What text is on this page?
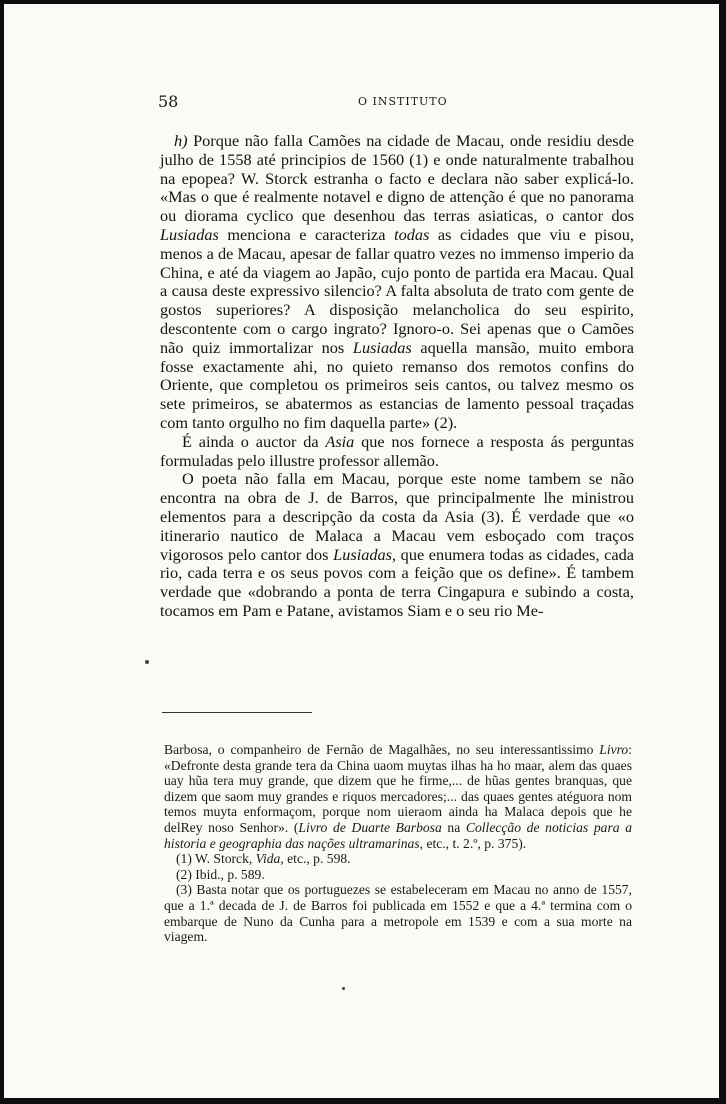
58	O INSTITUTO

h) Porque não falla Camões na cidade de Macau, onde residiu desde julho de 1558 até principios de 1560 (1) e onde naturalmente trabalhou na epopea? W. Storck estranha o facto e declara não saber explicá-lo. «Mas o que é realmente notavel e digno de attenção é que no panorama ou diorama cyclico que desenhou das terras asiaticas, o cantor dos Lusiadas menciona e caracteriza todas as cidades que viu e pisou, menos a de Macau, apesar de fallar quatro vezes no immenso imperio da China, e até da viagem ao Japão, cujo ponto de partida era Macau. Qual a causa deste expressivo silencio? A falta absoluta de trato com gente de gostos superiores? A disposição melancholica do seu espirito, descontente com o cargo ingrato? Ignoro-o. Sei apenas que o Camões não quiz immortalizar nos Lusiadas aquella mansão, muito embora fosse exactamente ahi, no quieto remanso dos remotos confins do Oriente, que completou os primeiros seis cantos, ou talvez mesmo os sete primeiros, se abatermos as estancias de lamento pessoal traçadas com tanto orgulho no fim daquella parte» (2).

É ainda o auctor da Asia que nos fornece a resposta ás perguntas formuladas pelo illustre professor allemão.

O poeta não falla em Macau, porque este nome tambem se não encontra na obra de J. de Barros, que principalmente lhe ministrou elementos para a descripção da costa da Asia (3). É verdade que «o itinerario nautico de Malaca a Macau vem esboçado com traços vigorosos pelo cantor dos Lusiadas, que enumera todas as cidades, cada rio, cada terra e os seus povos com a feição que os define». É tambem verdade que «dobrando a ponta de terra Cingapura e subindo a costa, tocamos em Pam e Patane, avistamos Siam e o seu rio Me-

Barbosa, o companheiro de Fernão de Magalhães, no seu interessantissimo Livro: «Defronte desta grande tera da China uaom muytas ilhas ha ho maar, alem das quaes uay hũa tera muy grande, que dizem que he firme,... de hũas gentes branquas, que dizem que saom muy grandes e riquos mercadores;... das quaes gentes atéguora nom temos muyta enformaçom, porque nom uieraom ainda ha Malaca depois que he delRey noso Senhor». (Livro de Duarte Barbosa na Collecção de noticias para a historia e geographia das nações ultramarinas, etc., t. 2.º, p. 375).

(1) W. Storck, Vida, etc., p. 598.

(2) Ibid., p. 589.

(3) Basta notar que os portuguezes se estabeleceram em Macau no anno de 1557, que a 1.ª decada de J. de Barros foi publicada em 1552 e que a 4.ª termina com o embarque de Nuno da Cunha para a metropole em 1539 e com a sua morte na viagem.
